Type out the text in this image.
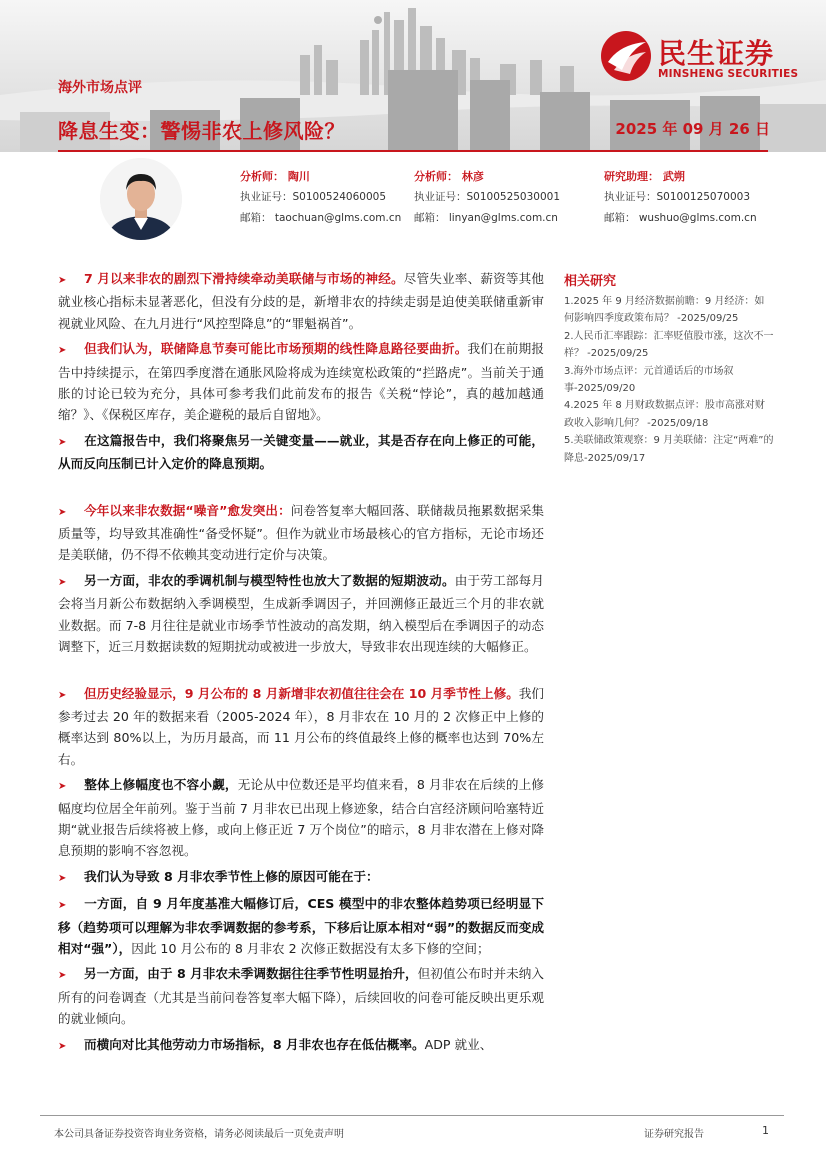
民生证券
MINSHENG SECURITIES
海外市场点评
降息生变：警惕非农上修风险？	2025 年 09 月 26 日
分析师： 陶川
执业证号：S0100524060005
邮箱： taochuan@glms.com.cn
分析师： 林彦
执业证号：S0100525030001
邮箱： linyan@glms.com.cn
研究助理： 武朔
执业证号：S0100125070003
邮箱： wushuo@glms.com.cn
➤ 7 月以来非农的剧烈下滑持续牵动美联储与市场的神经。尽管失业率、薪资等其他就业核心指标未显著恶化，但没有分歧的是，新增非农的持续走弱是迫使美联储重新审视就业风险、在九月进行“风控型降息”的“罪魁祸首”。
➤ 但我们认为，联储降息节奏可能比市场预期的线性降息路径要曲折。我们在前期报告中持续提示，在第四季度潜在通胀风险将成为连续宽松政策的“拦路虎”。当前关于通胀的讨论已较为充分，具体可参考我们此前发布的报告《关税“悖论”，真的越加越通缩？》、《保税区库存，美企避税的最后自留地》。
➤ 在这篇报告中，我们将聚焦另一关键变量——就业，其是否存在向上修正的可能，从而反向压制已计入定价的降息预期。
➤ 今年以来非农数据“噪音”愈发突出：问卷答复率大幅回落、联储裁员拖累数据采集质量等，均导致其准确性“备受怀疑”。但作为就业市场最核心的官方指标，无论市场还是美联储，仍不得不依赖其变动进行定价与决策。
➤ 另一方面，非农的季调机制与模型特性也放大了数据的短期波动。由于劳工部每月会将当月新公布数据纳入季调模型，生成新季调因子，并回溯修正最近三个月的非农就业数据。而 7-8 月往往是就业市场季节性波动的高发期，纳入模型后在季调因子的动态调整下，近三月数据读数的短期扰动或被进一步放大，导致非农出现连续的大幅修正。
➤ 但历史经验显示，9 月公布的 8 月新增非农初值往往会在 10 月季节性上修。我们参考过去 20 年的数据来看（2005-2024 年），8 月非农在 10 月的 2 次修正中上修的概率达到 80%以上，为历月最高，而 11 月公布的终值最终上修的概率也达到 70%左右。
➤ 整体上修幅度也不容小觑，无论从中位数还是平均值来看，8 月非农在后续的上修幅度均位居全年前列。鉴于当前 7 月非农已出现上修迹象，结合白宫经济顾问哈塞特近期“就业报告后续将被上修，或向上修正近 7 万个岗位”的暗示，8 月非农潜在上修对降息预期的影响不容忽视。
➤ 我们认为导致 8 月非农季节性上修的原因可能在于：
➤ 一方面，自 9 月年度基准大幅修订后，CES 模型中的非农整体趋势项已经明显下移（趋势项可以理解为非农季调数据的参考系，下移后让原本相对“弱”的数据反而变成相对“强”），因此 10 月公布的 8 月非农 2 次修正数据没有太多下修的空间；
➤ 另一方面，由于 8 月非农未季调数据往往季节性明显抬升，但初值公布时并未纳入所有的问卷调查（尤其是当前问卷答复率大幅下降），后续回收的问卷可能反映出更乐观的就业倾向。
➤ 而横向对比其他劳动力市场指标，8 月非农也存在低估概率。ADP 就业、
相关研究
1.2025 年 9 月经济数据前瞻：9 月经济：如何影响四季度政策布局？ -2025/09/25
2.人民币汇率跟踪：汇率贬值股市涨，这次不一样？ -2025/09/25
3.海外市场点评：元首通话后的市场叙事-2025/09/20
4.2025 年 8 月财政数据点评：股市高涨对财政收入影响几何？ -2025/09/18
5.美联储政策观察：9 月美联储：注定“两难”的降息-2025/09/17
本公司具备证券投资咨询业务资格，请务必阅读最后一页免责声明	证券研究报告	1
